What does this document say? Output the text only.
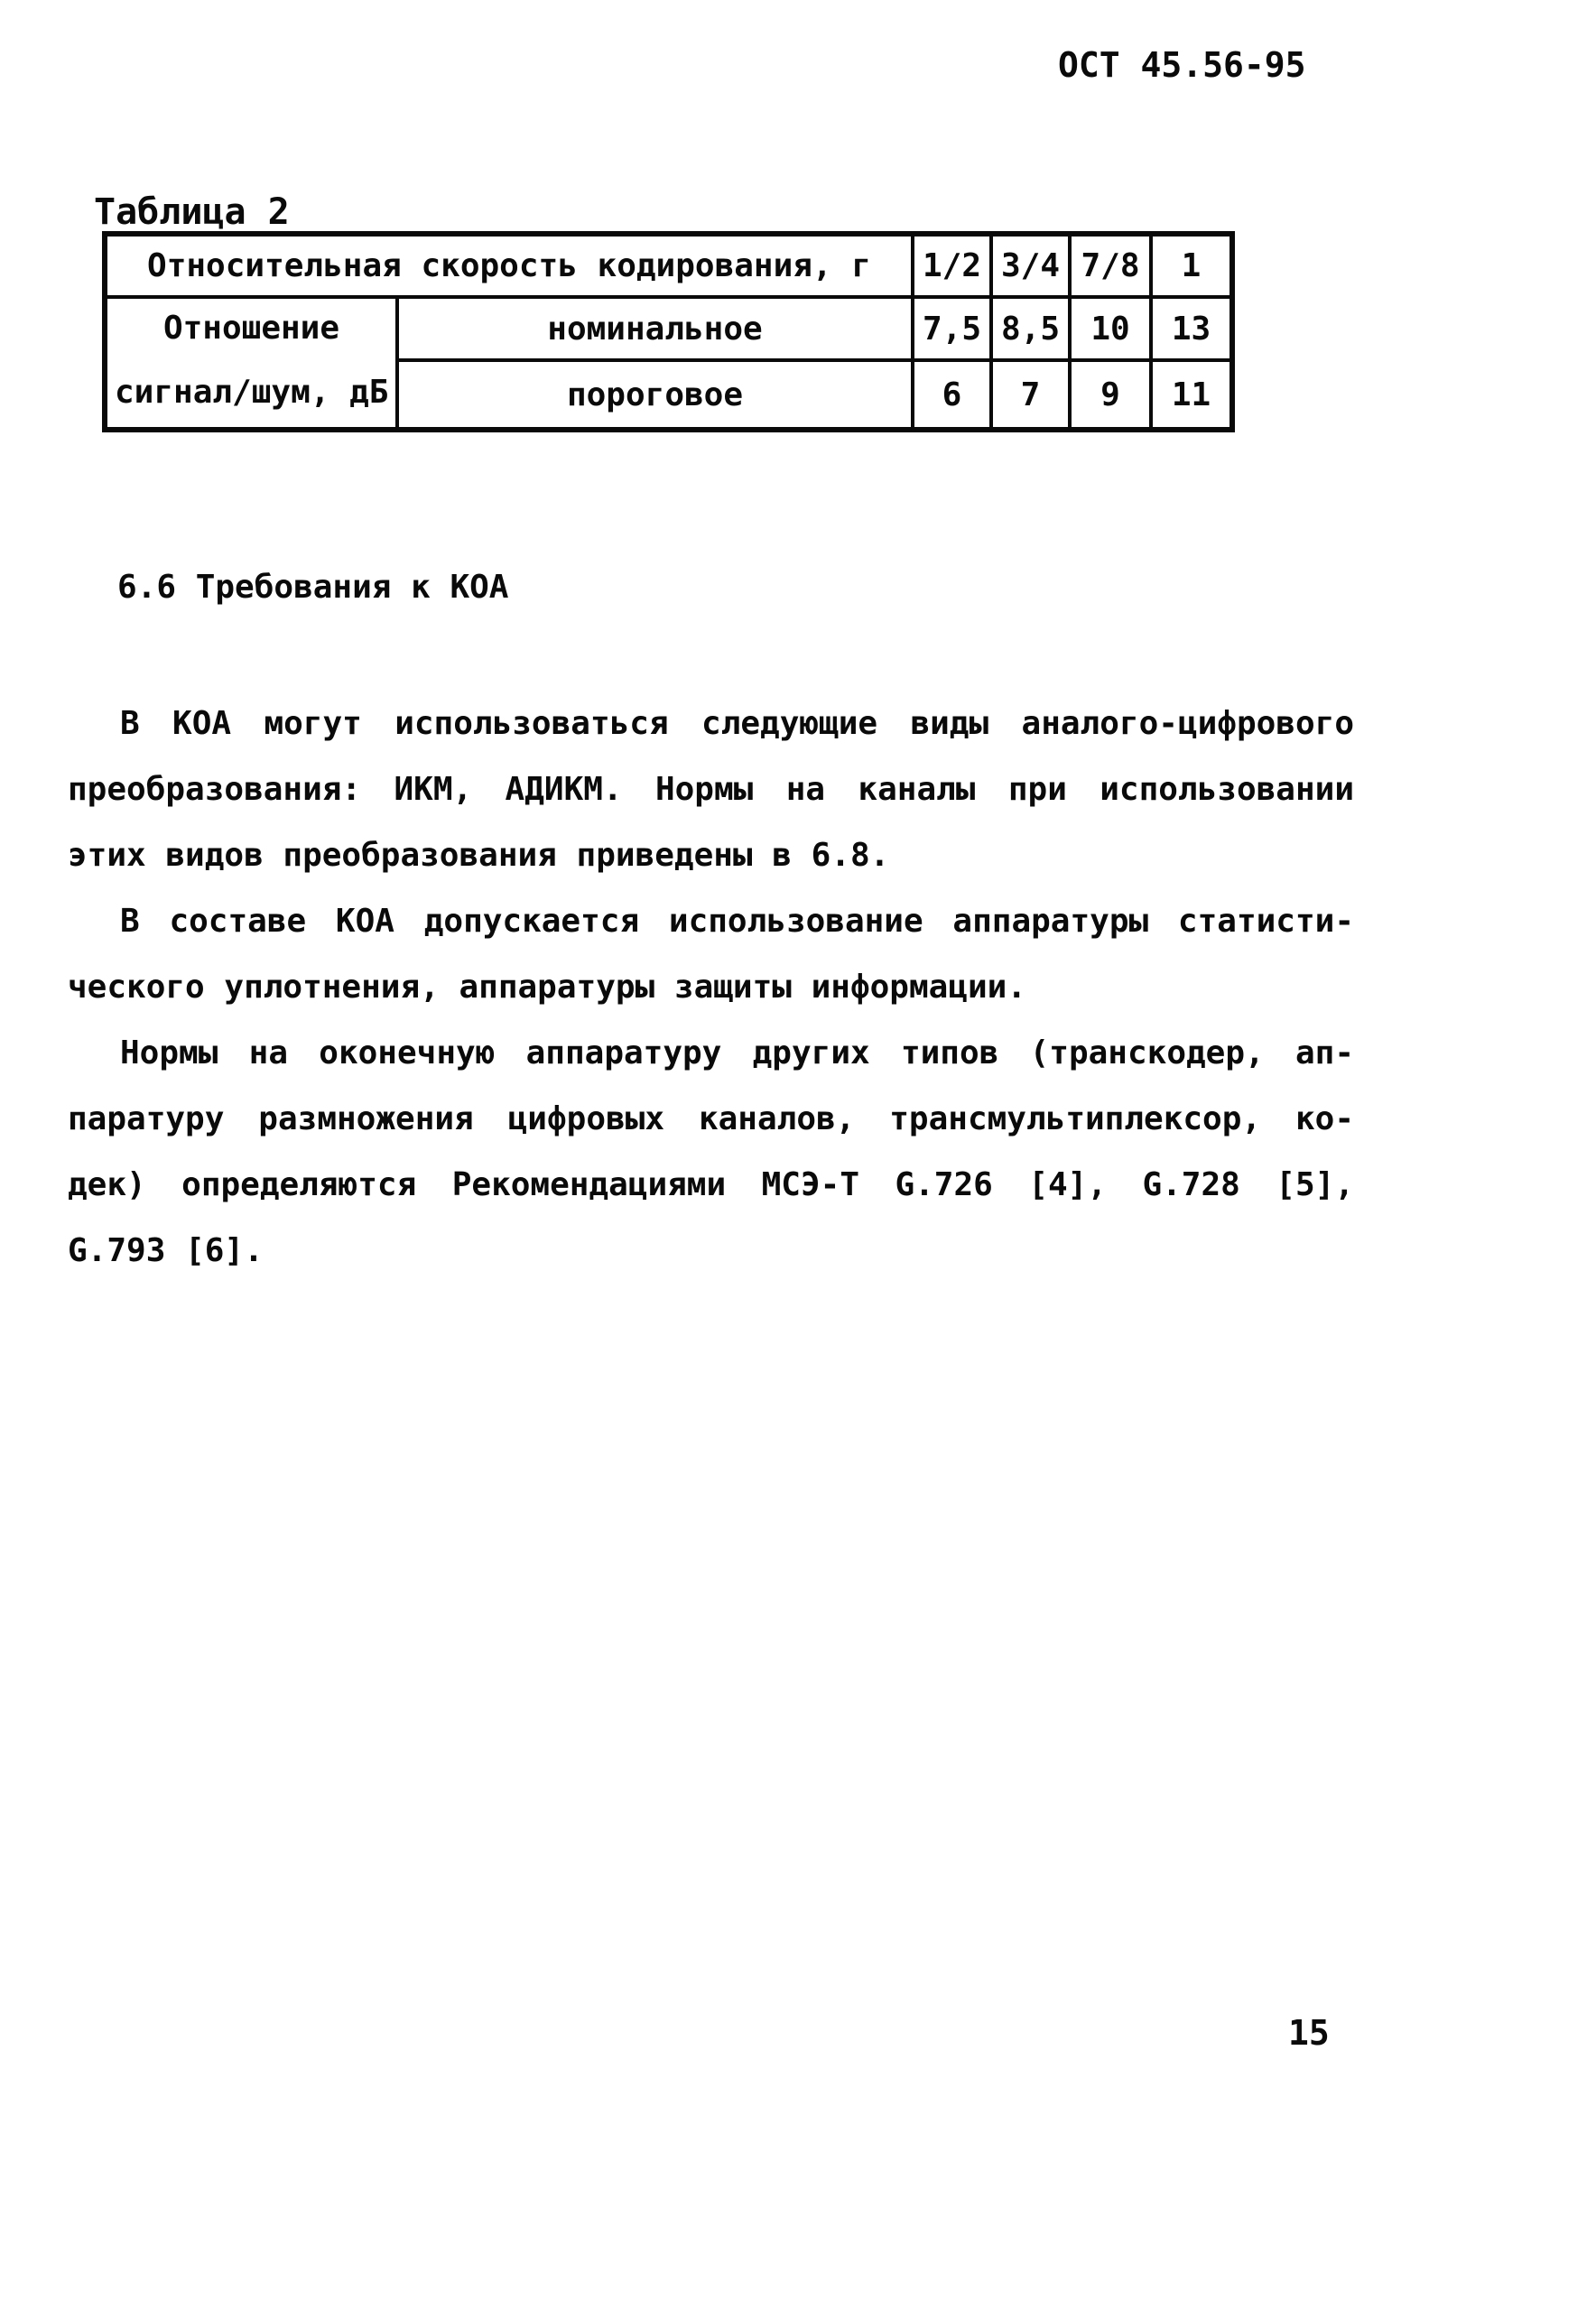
ОСТ 45.56-95
Таблица 2
Относительная скорость кодирования, г		1/2	3/4	7/8	1

Отношение
сигнал/шум, дБ	номинальное	7,5	8,5	10	13
	пороговое	6	7	9	11
6.6 Требования к КОА
В КОА могут использоваться следующие виды аналого-цифрового
преобразования: ИКМ, АДИКМ. Нормы на каналы при использовании
этих видов преобразования приведены в 6.8.
В составе КОА допускается использование аппаратуры статисти-
ческого уплотнения, аппаратуры защиты информации.
Нормы на оконечную аппаратуру других типов (транскодер, ап-
паратуру размножения цифровых каналов, трансмультиплексор, ко-
дек) определяются Рекомендациями МСЭ-Т G.726 [4], G.728 [5],
G.793 [6].
15
